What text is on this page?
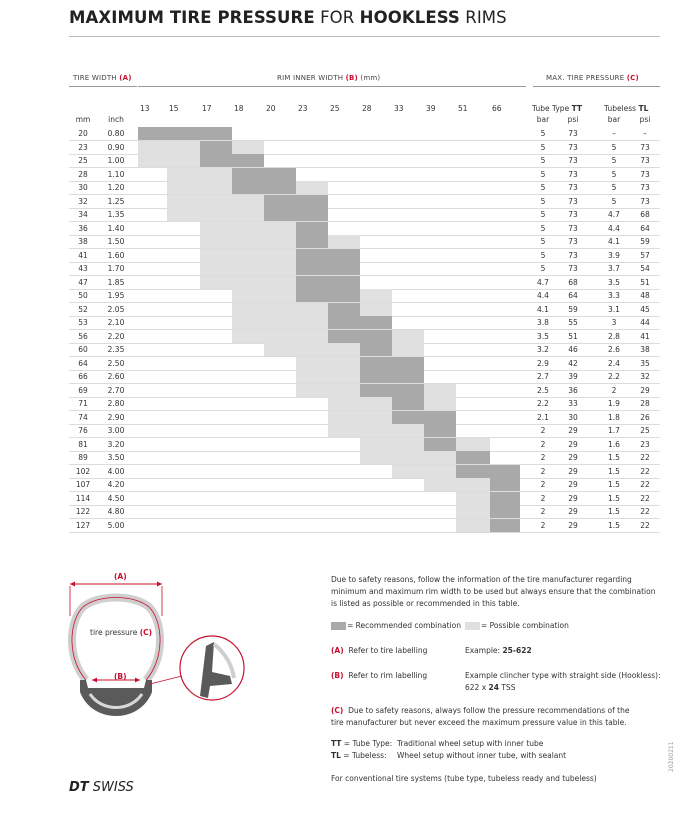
MAXIMUM TIRE PRESSURE FOR HOOKLESS RIMS
TIRE WIDTH (A)	RIM INNER WIDTH (B) (mm)	MAX. TIRE PRESSURE (C)
13	15	17	18	20	23	25	28	33	39	51	66	Tube Type TT	Tubeless TL
mm	inch	bar	psi	bar	psi
20	0.80	5	73	–	–
23	0.90	5	73	5	73
25	1.00	5	73	5	73
28	1.10	5	73	5	73
30	1.20	5	73	5	73
32	1.25	5	73	5	73
34	1.35	5	73	4.7	68
36	1.40	5	73	4.4	64
38	1.50	5	73	4.1	59
41	1.60	5	73	3.9	57
43	1.70	5	73	3.7	54
47	1.85	4.7	68	3.5	51
50	1.95	4.4	64	3.3	48
52	2.05	4.1	59	3.1	45
53	2.10	3.8	55	3	44
56	2.20	3.5	51	2.8	41
60	2.35	3.2	46	2.6	38
64	2.50	2.9	42	2.4	35
66	2.60	2.7	39	2.2	32
69	2.70	2.5	36	2	29
71	2.80	2.2	33	1.9	28
74	2.90	2.1	30	1.8	26
76	3.00	2	29	1.7	25
81	3.20	2	29	1.6	23
89	3.50	2	29	1.5	22
102	4.00	2	29	1.5	22
107	4.20	2	29	1.5	22
114	4.50	2	29	1.5	22
122	4.80	2	29	1.5	22
127	5.00	2	29	1.5	22
(A)
(B)
tire pressure (C)
Due to safety reasons, follow the information of the tire manufacturer regarding minimum and maximum rim width to be used but always ensure that the combination is listed as possible or recommended in this table.
= Recommended combination	= Possible combination
(A) Refer to tire labelling	Example: 25-622
(B) Refer to rim labelling	Example clincher type with straight side (Hookless):
622 x 24 TSS
(C) Due to safety reasons, always follow the pressure recommendations of the tire manufacturer but never exceed the maximum pressure value in this table.
TT = Tube Type: Traditional wheel setup with inner tube
TL = Tubeless: Wheel setup without inner tube, with sealant
For conventional tire systems (tube type, tubeless ready and tubeless)
DT SWISS
20200211
